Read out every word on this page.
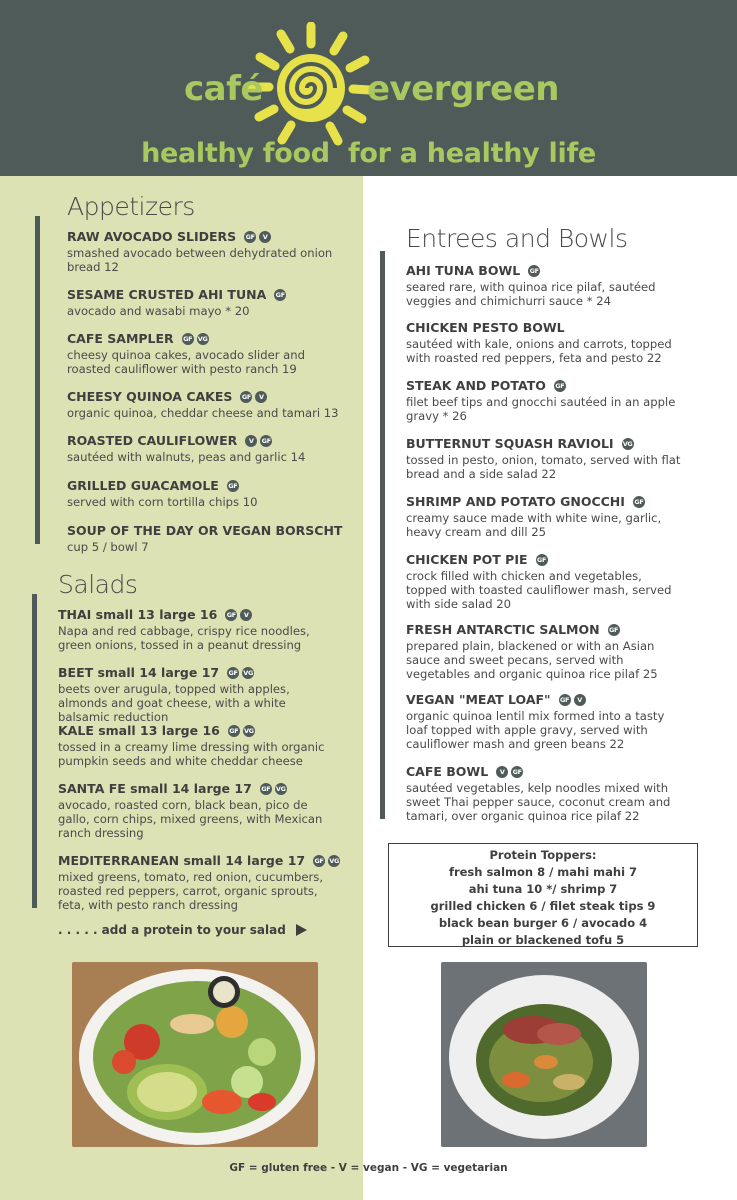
café	evergreen
healthy food  for a healthy life
Appetizers
RAW AVOCADO SLIDERS GF	V
smashed avocado between dehydrated onion bread 12
SESAME CRUSTED AHI TUNA GF
avocado and wasabi mayo * 20
CAFE SAMPLER GF VG
cheesy quinoa cakes, avocado slider and roasted cauliflower with pesto ranch 19
CHEESY QUINOA CAKES GF	V
organic quinoa, cheddar cheese and tamari 13
ROASTED CAULIFLOWER	V	GF
sautéed with walnuts, peas and garlic 14
GRILLED GUACAMOLE GF
served with corn tortilla chips 10
SOUP OF THE DAY OR VEGAN BORSCHT
cup 5 / bowl 7
Salads
THAI small 13 large 16 GF	V
Napa and red cabbage, crispy rice noodles, green onions, tossed in a peanut dressing
BEET small 14 large 17 GF VG
beets over arugula, topped with apples, almonds and goat cheese, with a white balsamic reduction
KALE small 13 large 16 GF VG
tossed in a creamy lime dressing with organic pumpkin seeds and white cheddar cheese
SANTA FE small 14 large 17 GF VG
avocado, roasted corn, black bean, pico de gallo, corn chips, mixed greens, with Mexican ranch dressing
MEDITERRANEAN small 14 large 17 GF VG
mixed greens, tomato, red onion, cucumbers, roasted red peppers, carrot, organic sprouts, feta, with pesto ranch dressing
. . . . . add a protein to your salad
Entrees and Bowls
AHI TUNA BOWL GF
seared rare, with quinoa rice pilaf, sautéed veggies and chimichurri sauce * 24
CHICKEN PESTO BOWL
sautéed with kale, onions and carrots, topped with roasted red peppers, feta and pesto 22
STEAK AND POTATO GF
filet beef tips and gnocchi sautéed in an apple gravy * 26
BUTTERNUT SQUASH RAVIOLI VG
tossed in pesto, onion, tomato, served with flat bread and a side salad 22
SHRIMP AND POTATO GNOCCHI GF
creamy sauce made with white wine, garlic, heavy cream and dill 25
CHICKEN POT PIE GF
crock filled with chicken and vegetables, topped with toasted cauliflower mash, served with side salad 20
FRESH ANTARCTIC SALMON GF
prepared plain, blackened or with an Asian sauce and sweet pecans, served with vegetables and organic quinoa rice pilaf 25
VEGAN "MEAT LOAF" GF	V
organic quinoa lentil mix formed into a tasty loaf topped with apple gravy, served with cauliflower mash and green beans 22
CAFE BOWL	V	GF
sautéed vegetables, kelp noodles mixed with sweet Thai pepper sauce, coconut cream and tamari, over organic quinoa rice pilaf 22
Protein Toppers:
fresh salmon 8 / mahi mahi 7
ahi tuna 10 */ shrimp 7
grilled chicken 6 / filet steak tips 9
black bean burger 6 / avocado 4
plain or blackened tofu 5
GF = gluten free - V = vegan - VG = vegetarian
